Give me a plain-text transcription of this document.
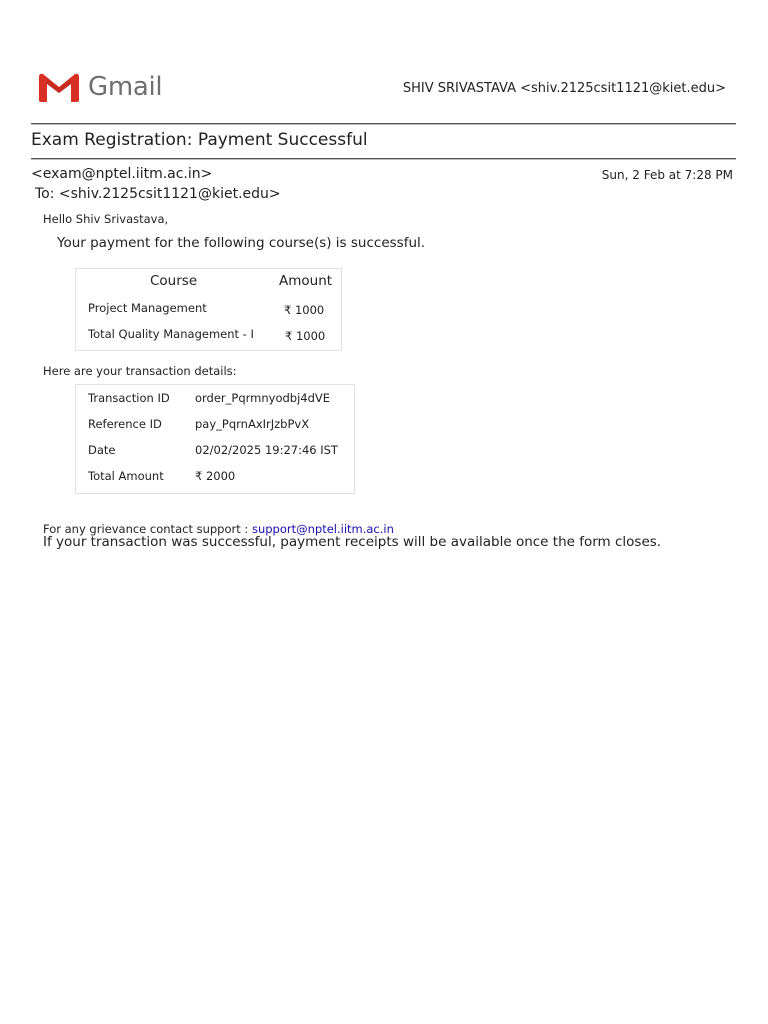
Gmail	SHIV SRIVASTAVA <shiv.2125csit1121@kiet.edu>
Exam Registration: Payment Successful
<exam@nptel.iitm.ac.in>	Sun, 2 Feb at 7:28 PM
To: <shiv.2125csit1121@kiet.edu>
Hello Shiv Srivastava,
Your payment for the following course(s) is successful.
Course	Amount
Project Management	₹ 1000
Total Quality Management - I	₹ 1000
Here are your transaction details:
Transaction ID order_Pqrmnyodbj4dVE
Reference ID	pay_PqrnAxIrJzbPvX
Date	02/02/2025 19:27:46 IST
Total Amount	₹ 2000
For any grievance contact support : support@nptel.iitm.ac.in
If your transaction was successful, payment receipts will be available once the form closes.
